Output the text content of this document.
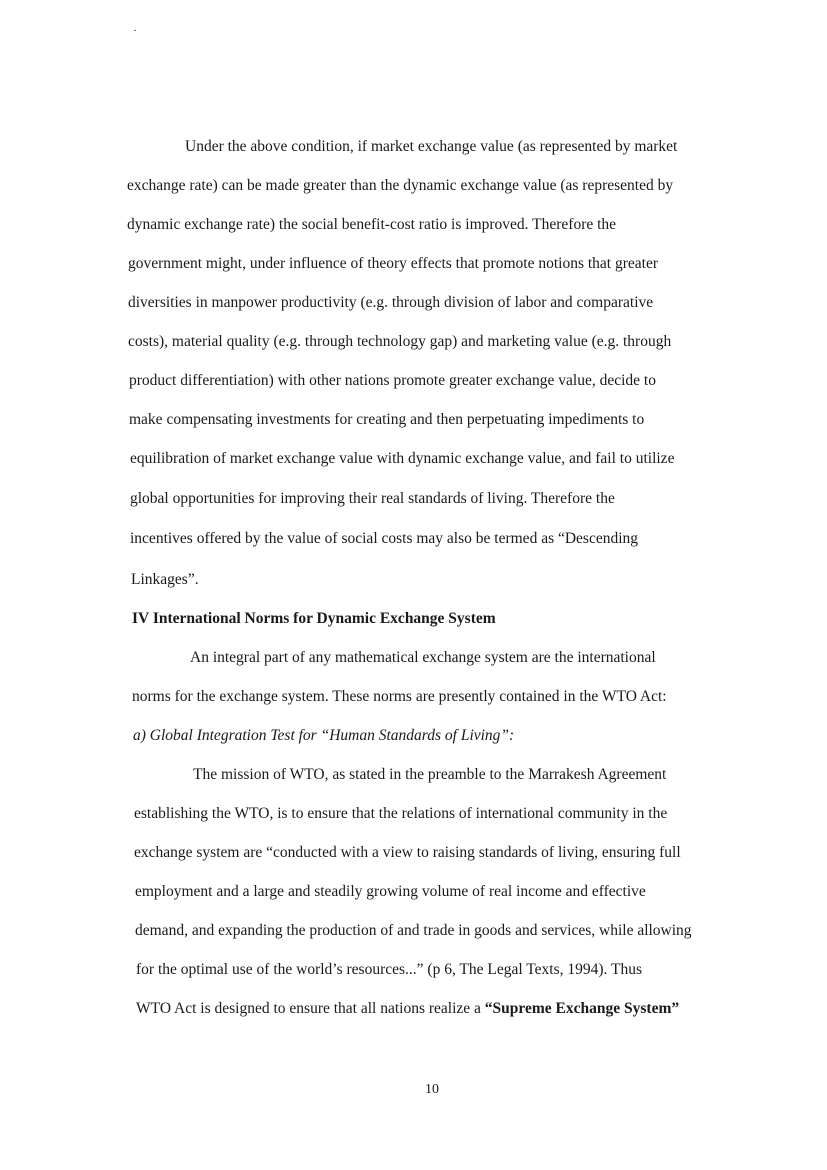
Under the above condition, if market exchange value (as represented by market
exchange rate) can be made greater than the dynamic exchange value (as represented by
dynamic exchange rate) the social benefit-cost ratio is improved. Therefore the
government might, under influence of theory effects that promote notions that greater
diversities in manpower productivity (e.g. through division of labor and comparative
costs), material quality (e.g. through technology gap) and marketing value (e.g. through
product differentiation) with other nations promote greater exchange value, decide to
make compensating investments for creating and then perpetuating impediments to
equilibration of market exchange value with dynamic exchange value, and fail to utilize
global opportunities for improving their real standards of living. Therefore the
incentives offered by the value of social costs may also be termed as “Descending
Linkages”.
IV International Norms for Dynamic Exchange System
An integral part of any mathematical exchange system are the international
norms for the exchange system. These norms are presently contained in the WTO Act:
a) Global Integration Test for “Human Standards of Living”:
The mission of WTO, as stated in the preamble to the Marrakesh Agreement
establishing the WTO, is to ensure that the relations of international community in the
exchange system are “conducted with a view to raising standards of living, ensuring full
employment and a large and steadily growing volume of real income and effective
demand, and expanding the production of and trade in goods and services, while allowing
for the optimal use of the world’s resources...” (p 6, The Legal Texts, 1994). Thus
WTO Act is designed to ensure that all nations realize a “Supreme Exchange System”
10
